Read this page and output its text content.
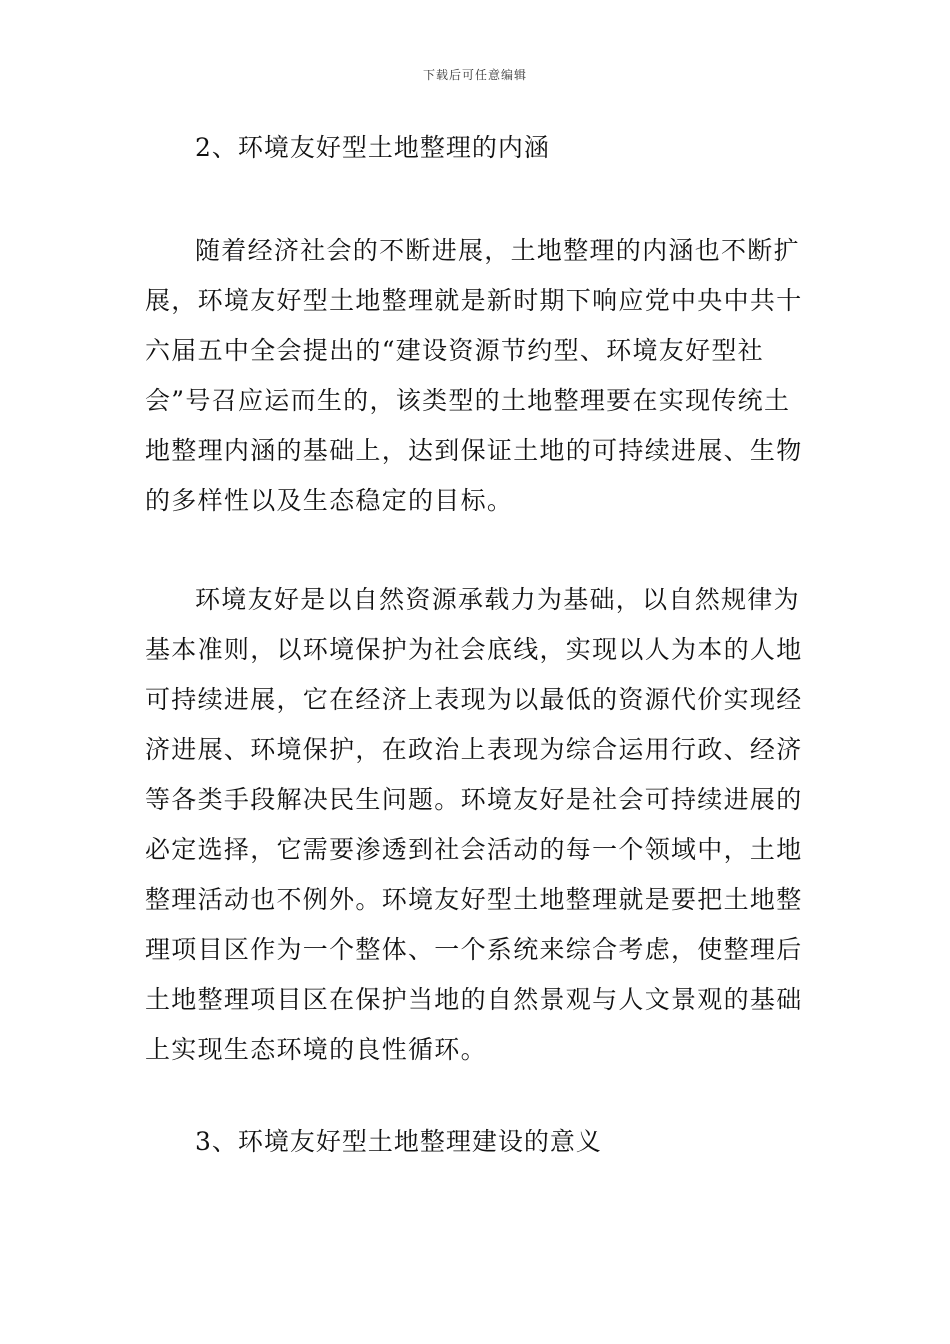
下载后可任意编辑
2、环境友好型土地整理的内涵
随着经济社会的不断进展，土地整理的内涵也不断扩
展，环境友好型土地整理就是新时期下响应党中央中共十
六届五中全会提出的“建设资源节约型、环境友好型社
会”号召应运而生的，该类型的土地整理要在实现传统土
地整理内涵的基础上，达到保证土地的可持续进展、生物
的多样性以及生态稳定的目标。
环境友好是以自然资源承载力为基础，以自然规律为
基本准则，以环境保护为社会底线，实现以人为本的人地
可持续进展，它在经济上表现为以最低的资源代价实现经
济进展、环境保护，在政治上表现为综合运用行政、经济
等各类手段解决民生问题。环境友好是社会可持续进展的
必定选择，它需要渗透到社会活动的每一个领域中，土地
整理活动也不例外。环境友好型土地整理就是要把土地整
理项目区作为一个整体、一个系统来综合考虑，使整理后
土地整理项目区在保护当地的自然景观与人文景观的基础
上实现生态环境的良性循环。
3、环境友好型土地整理建设的意义
